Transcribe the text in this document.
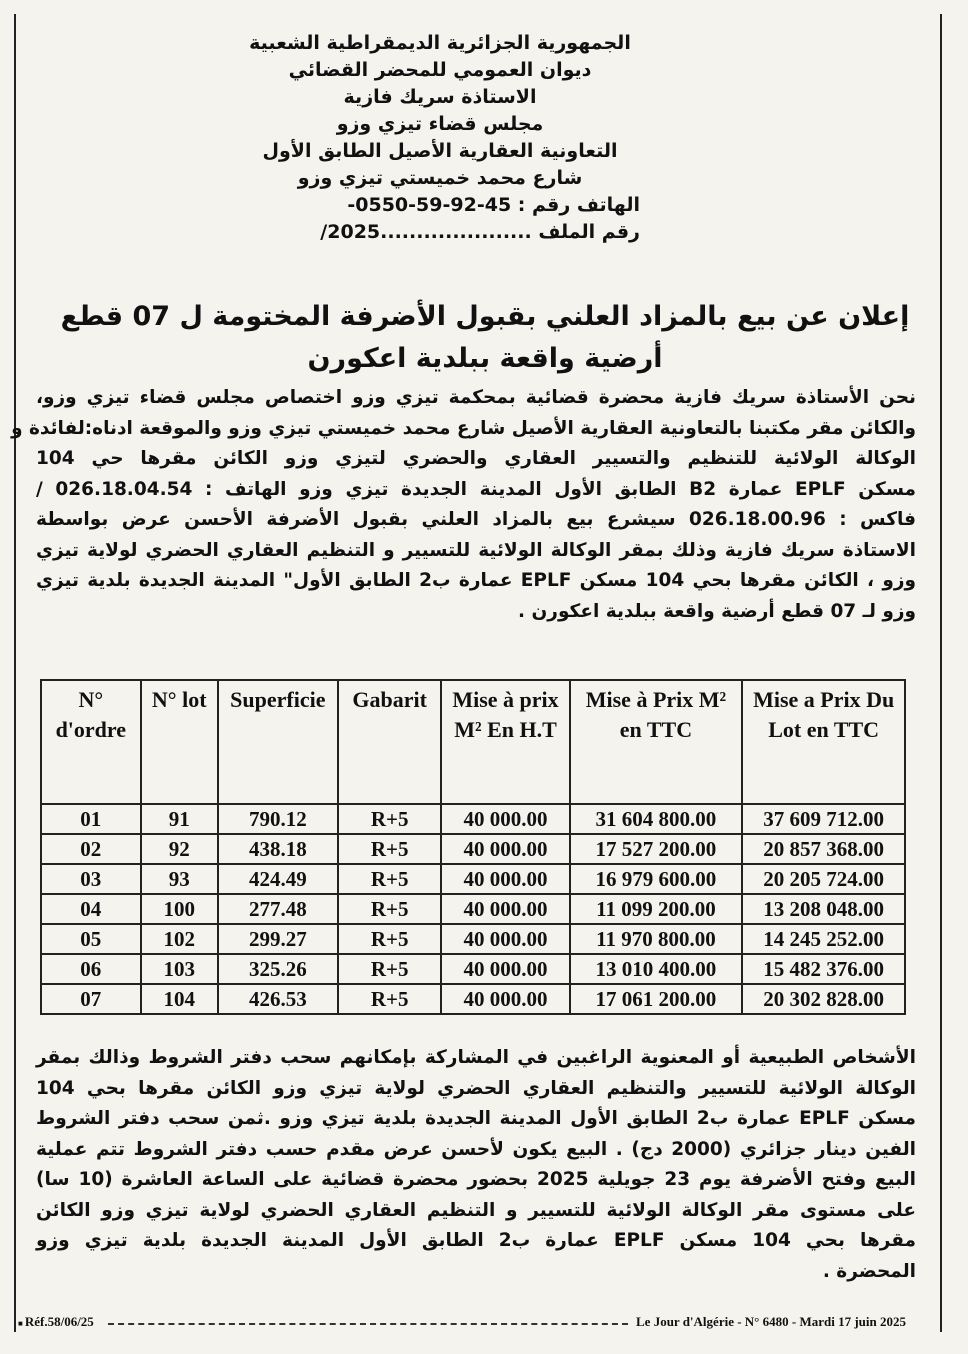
الجمهورية الجزائرية الديمقراطية الشعبية
ديوان العمومي للمحضر القضائي
الاستاذة سريك فازية
مجلس قضاء تيزي وزو
التعاونية العقارية الأصيل الطابق الأول
شارع محمد خميستي تيزي وزو
الهاتف رقم : 45-92-59-0550-
رقم الملف .....................2025/
إعلان عن بيع بالمزاد العلني بقبول الأضرفة المختومة ل 07 قطع
أرضية واقعة ببلدية اعكورن
نحن الأستاذة سريك فازية محضرة قضائية بمحكمة تيزي وزو اختصاص مجلس قضاء تيزي وزو،
والكائن مقر مكتبنا بالتعاونية العقارية الأصيل شارع محمد خميستي تيزي وزو والموقعة ادناه:لفائدة و
الوكالة الولائية للتنظيم والتسيير العقاري والحضري لتيزي وزو الكائن مقرها حي 104
مسكن EPLF عمارة B2 الطابق الأول المدينة الجديدة تيزي وزو الهاتف : 026.18.04.54 /
فاكس : 026.18.00.96 سيشرع بيع بالمزاد العلني بقبول الأضرفة الأحسن عرض بواسطة
الاستاذة سريك فازية وذلك بمقر الوكالة الولائية للتسيير و التنظيم العقاري الحضري لولاية تيزي
وزو ، الكائن مقرها بحي 104 مسكن EPLF عمارة ب2 الطابق الأول" المدينة الجديدة بلدية تيزي
وزو لـ 07 قطع أرضية واقعة ببلدية اعكورن .
N° d'ordre	N° lot	Superficie	Gabarit	Mise à prix M² En H.T	Mise à Prix M² en TTC	Mise a Prix Du Lot en TTC
01	91	790.12	R+5	40 000.00	31 604 800.00	37 609 712.00
02	92	438.18	R+5	40 000.00	17 527 200.00	20 857 368.00
03	93	424.49	R+5	40 000.00	16 979 600.00	20 205 724.00
04	100	277.48	R+5	40 000.00	11 099 200.00	13 208 048.00
05	102	299.27	R+5	40 000.00	11 970 800.00	14 245 252.00
06	103	325.26	R+5	40 000.00	13 010 400.00	15 482 376.00
07	104	426.53	R+5	40 000.00	17 061 200.00	20 302 828.00
الأشخاص الطبيعية أو المعنوية الراغبين في المشاركة بإمكانهم سحب دفتر الشروط وذالك بمقر
الوكالة الولائية للتسيير والتنظيم العقاري الحضري لولاية تيزي وزو الكائن مقرها بحي 104
مسكن EPLF عمارة ب2 الطابق الأول المدينة الجديدة بلدية تيزي وزو .ثمن سحب دفتر الشروط
الفين دينار جزائري (2000 دج) . البيع يكون لأحسن عرض مقدم حسب دفتر الشروط تتم عملية
البيع وفتح الأضرفة يوم 23 جويلية 2025 بحضور محضرة قضائية على الساعة العاشرة (10 سا)
على مستوى مقر الوكالة الولائية للتسيير و التنظيم العقاري الحضري لولاية تيزي وزو الكائن
مقرها بحي 104 مسكن EPLF عمارة ب2 الطابق الأول المدينة الجديدة بلدية تيزي وزو
المحضرة .
■ Réf.58/06/25	Le Jour d'Algérie - N° 6480 - Mardi 17 juin 2025
